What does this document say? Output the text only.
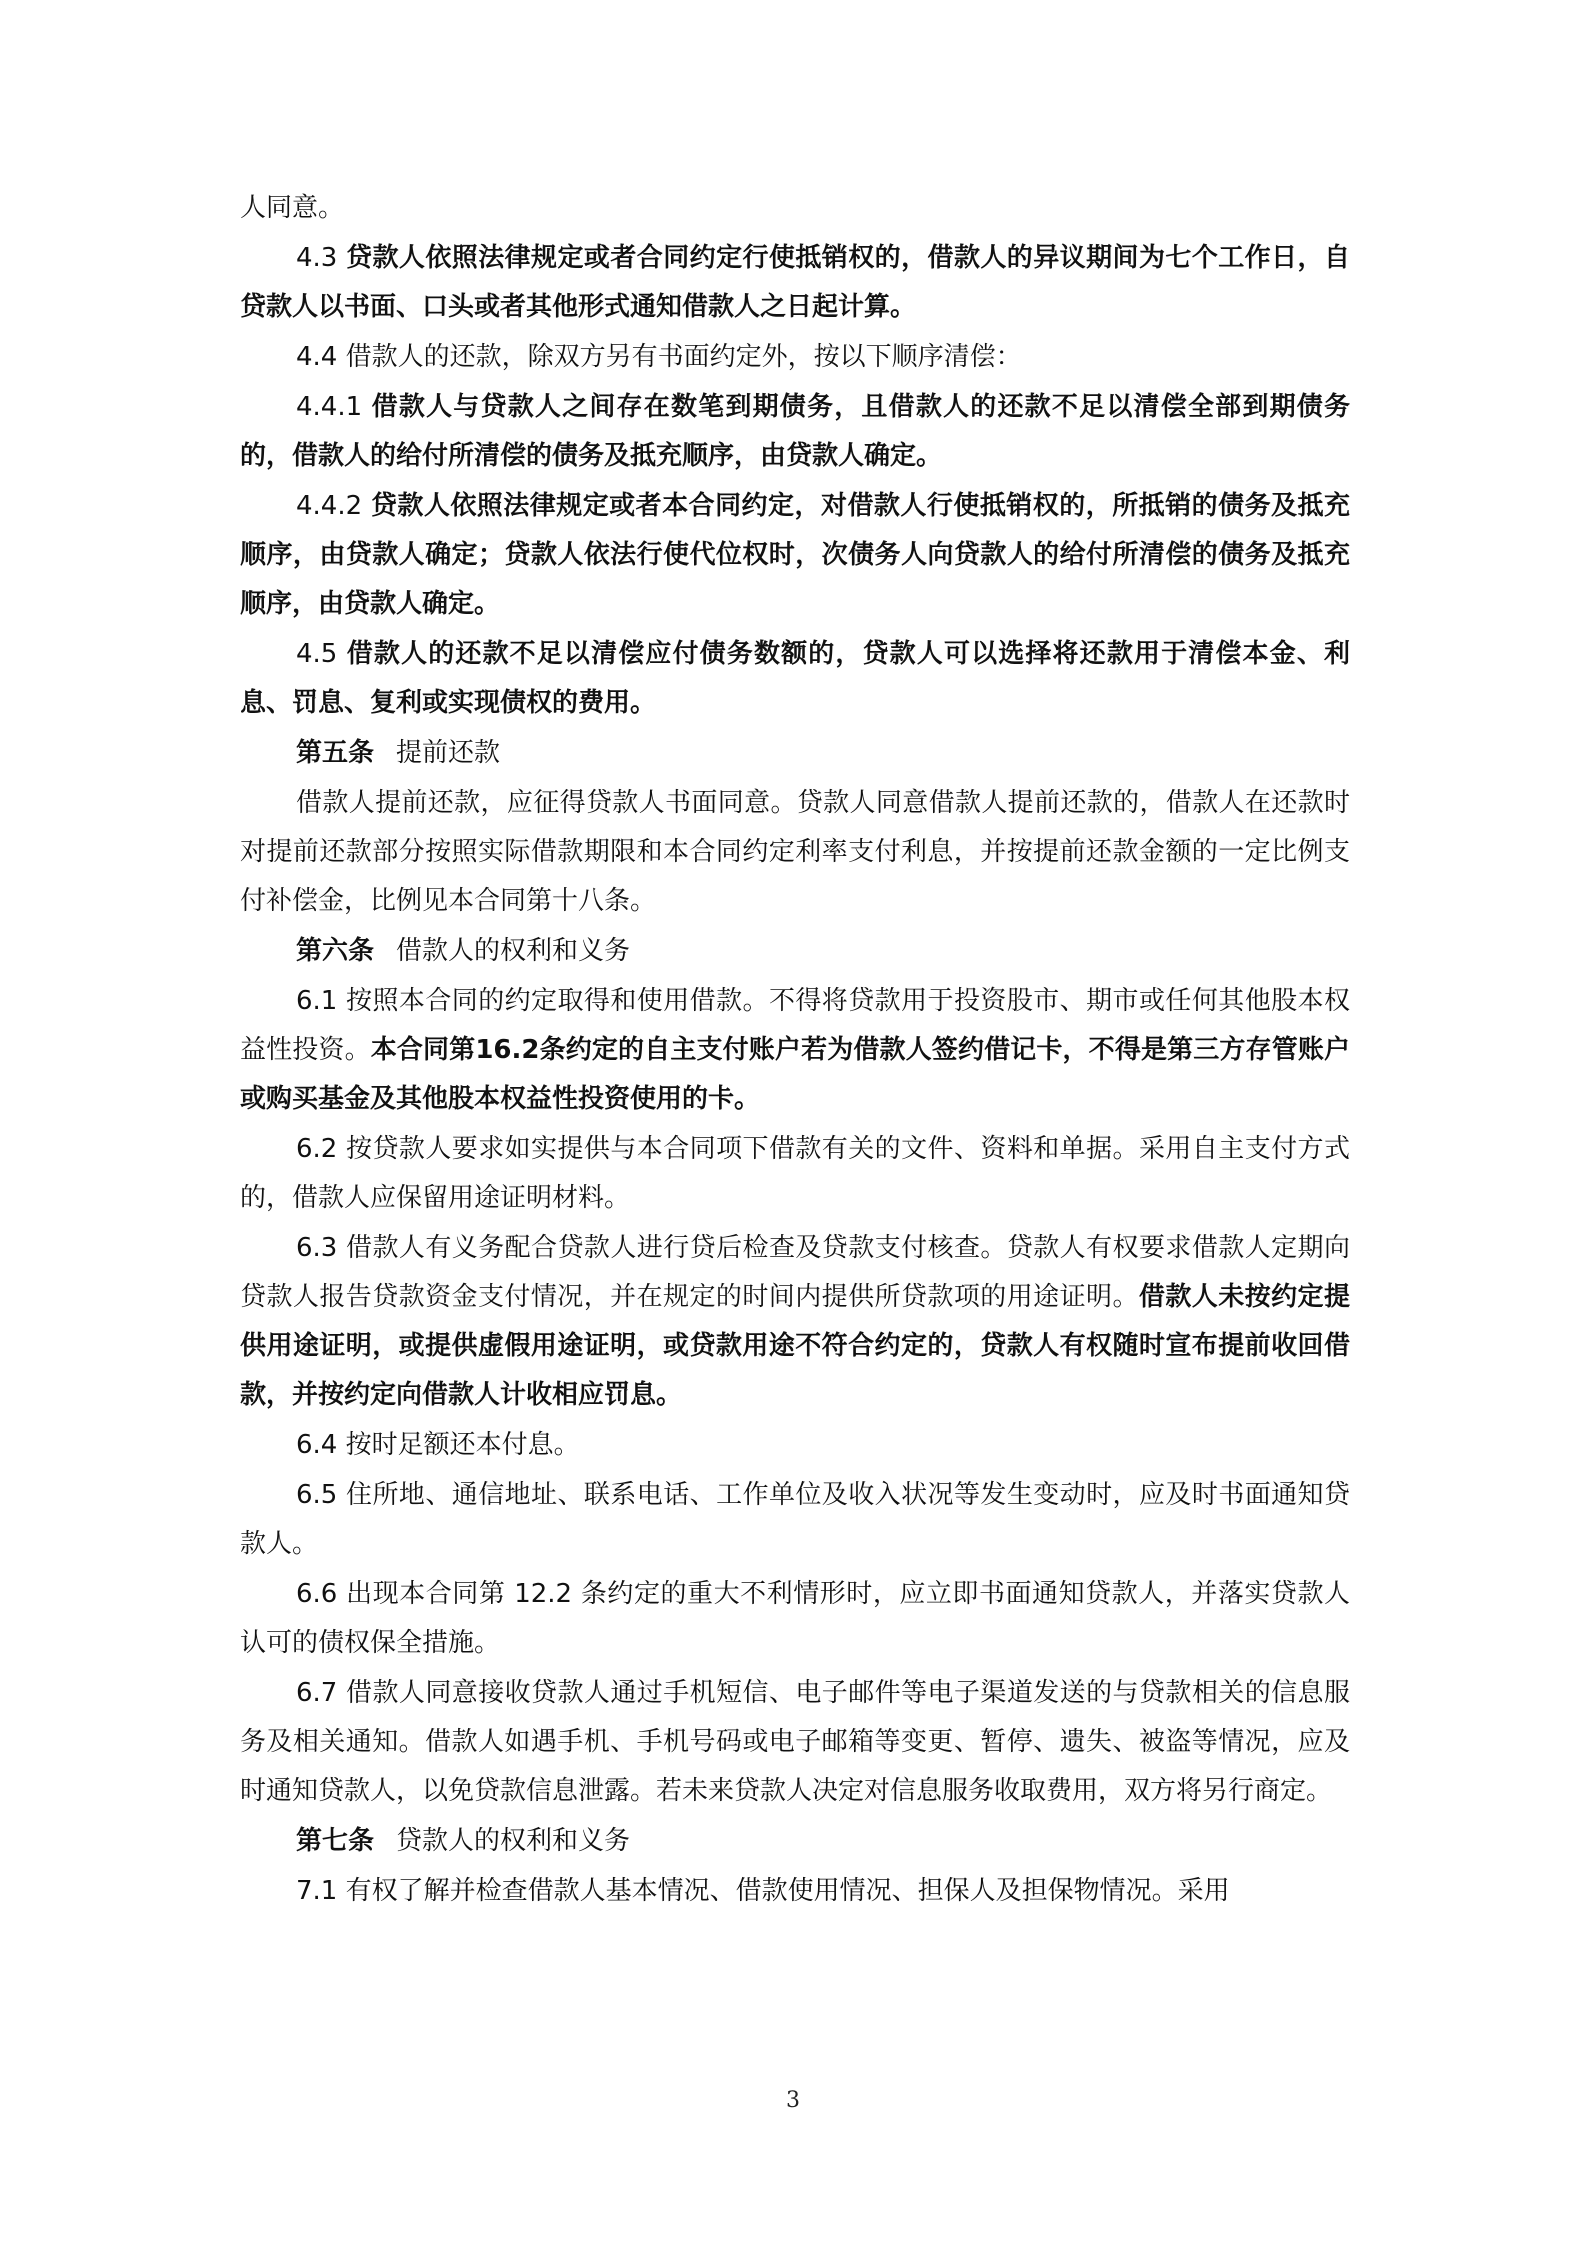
人同意。

4.3 贷款人依照法律规定或者合同约定行使抵销权的，借款人的异议期间为七个工作日，自贷款人以书面、口头或者其他形式通知借款人之日起计算。

4.4 借款人的还款，除双方另有书面约定外，按以下顺序清偿：

4.4.1 借款人与贷款人之间存在数笔到期债务，且借款人的还款不足以清偿全部到期债务的，借款人的给付所清偿的债务及抵充顺序，由贷款人确定。

4.4.2 贷款人依照法律规定或者本合同约定，对借款人行使抵销权的，所抵销的债务及抵充顺序，由贷款人确定；贷款人依法行使代位权时，次债务人向贷款人的给付所清偿的债务及抵充顺序，由贷款人确定。

4.5 借款人的还款不足以清偿应付债务数额的，贷款人可以选择将还款用于清偿本金、利息、罚息、复利或实现债权的费用。

第五条 提前还款

借款人提前还款，应征得贷款人书面同意。贷款人同意借款人提前还款的，借款人在还款时对提前还款部分按照实际借款期限和本合同约定利率支付利息，并按提前还款金额的一定比例支付补偿金，比例见本合同第十八条。

第六条 借款人的权利和义务

6.1 按照本合同的约定取得和使用借款。不得将贷款用于投资股市、期市或任何其他股本权益性投资。本合同第16.2条约定的自主支付账户若为借款人签约借记卡，不得是第三方存管账户或购买基金及其他股本权益性投资使用的卡。

6.2 按贷款人要求如实提供与本合同项下借款有关的文件、资料和单据。采用自主支付方式的，借款人应保留用途证明材料。

6.3 借款人有义务配合贷款人进行贷后检查及贷款支付核查。贷款人有权要求借款人定期向贷款人报告贷款资金支付情况，并在规定的时间内提供所贷款项的用途证明。借款人未按约定提供用途证明，或提供虚假用途证明，或贷款用途不符合约定的，贷款人有权随时宣布提前收回借款，并按约定向借款人计收相应罚息。

6.4 按时足额还本付息。

6.5 住所地、通信地址、联系电话、工作单位及收入状况等发生变动时，应及时书面通知贷款人。

6.6 出现本合同第 12.2 条约定的重大不利情形时，应立即书面通知贷款人，并落实贷款人认可的债权保全措施。

6.7 借款人同意接收贷款人通过手机短信、电子邮件等电子渠道发送的与贷款相关的信息服务及相关通知。借款人如遇手机、手机号码或电子邮箱等变更、暂停、遗失、被盗等情况，应及时通知贷款人，以免贷款信息泄露。若未来贷款人决定对信息服务收取费用，双方将另行商定。

第七条 贷款人的权利和义务

7.1 有权了解并检查借款人基本情况、借款使用情况、担保人及担保物情况。采用

3
